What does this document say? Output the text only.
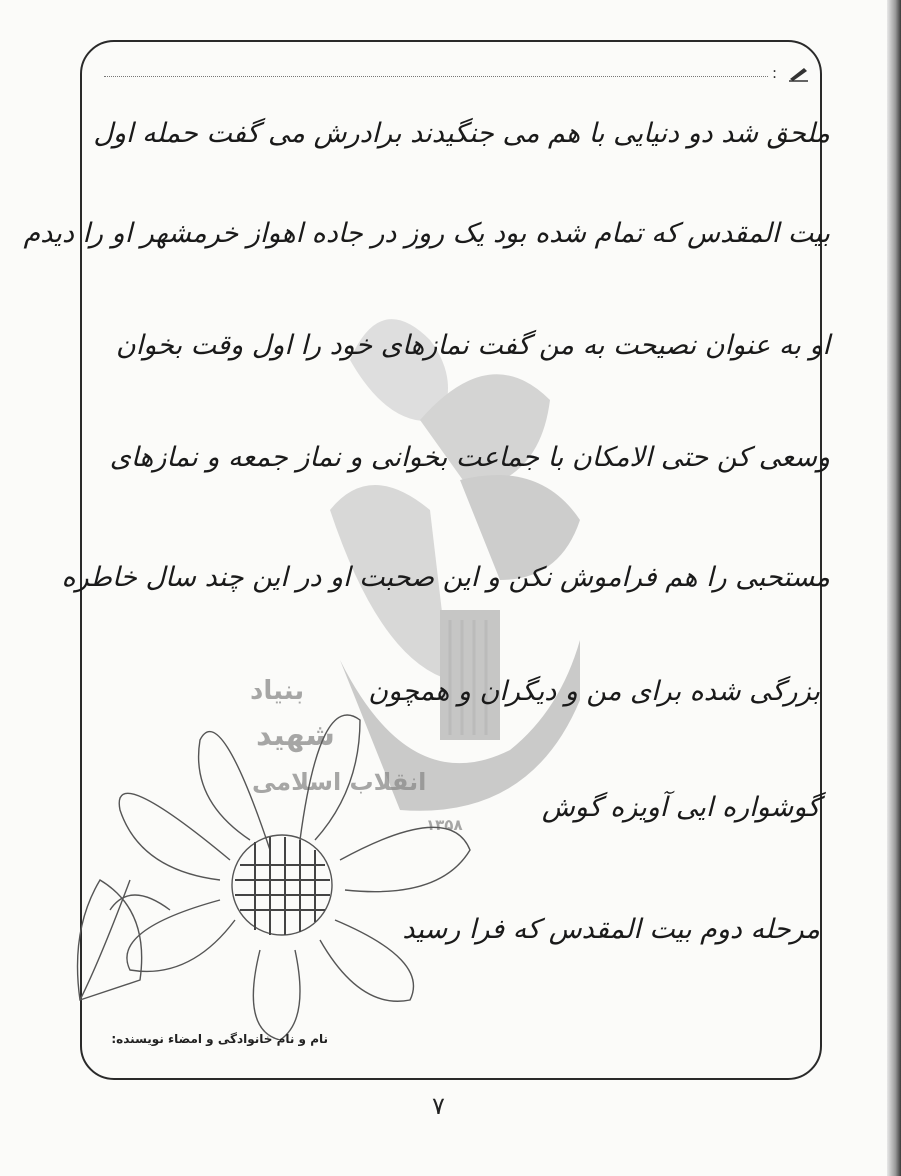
:
بنیاد
شهید
انقلاب اسلامی
۱۳۵۸
ملحق شد دو دنیایی با هم می جنگیدند برادرش می گفت حمله اول
بیت المقدس که تمام شده بود یک روز در جاده اهواز خرمشهر او را دیدم
او به عنوان نصیحت به من گفت نمازهای خود را اول وقت بخوان
وسعی کن حتی الامکان با جماعت بخوانی و نماز جمعه و نمازهای
مستحبی را هم فراموش نکن و این صحبت او در این چند سال خاطره
بزرگی شده برای من و دیگران و همچون
گوشواره ایی آویزه گوش
مرحله دوم بیت المقدس که فرا رسید
نام و نام خانوادگی و امضاء نویسنده:
۷
